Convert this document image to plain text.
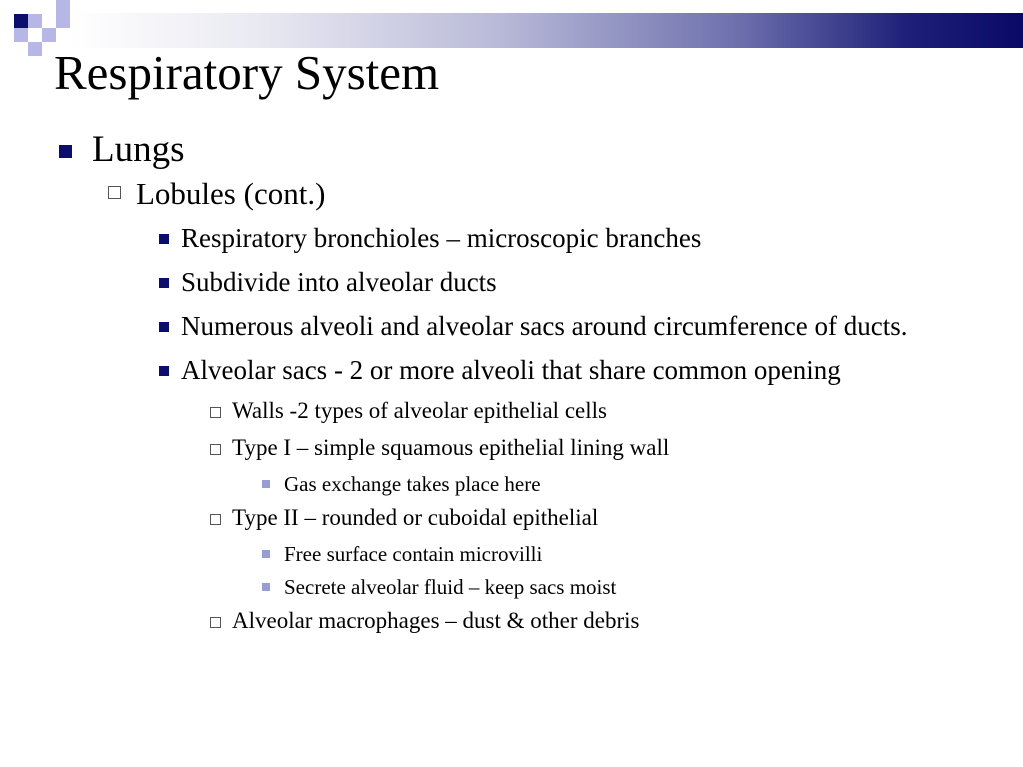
Respiratory System
Lungs
Lobules (cont.)
Respiratory bronchioles – microscopic branches
Subdivide into alveolar ducts
Numerous alveoli and alveolar sacs around circumference of ducts.
Alveolar sacs - 2 or more alveoli that share common opening
Walls -2 types of alveolar epithelial cells
Type I – simple squamous epithelial lining wall
Gas exchange takes place here
Type II – rounded or cuboidal epithelial
Free surface contain microvilli
Secrete alveolar fluid – keep sacs moist
Alveolar macrophages – dust & other debris
